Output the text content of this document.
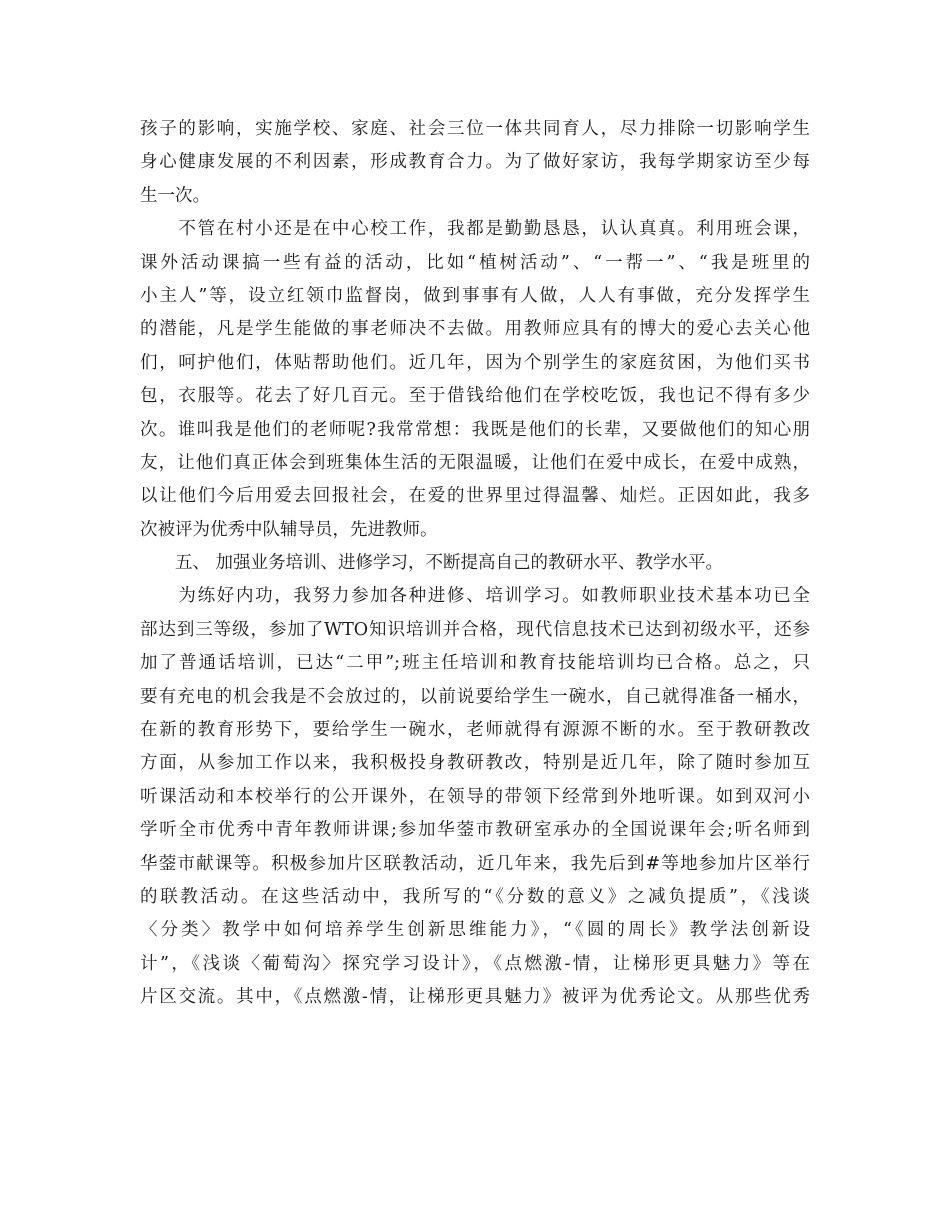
孩子的影响，实施学校、家庭、社会三位一体共同育人，尽力排除一切影响学生
身心健康发展的不利因素，形成教育合力。为了做好家访，我每学期家访至少每
生一次。
　　不管在村小还是在中心校工作，我都是勤勤恳恳，认认真真。利用班会课，
课外活动课搞一些有益的活动，比如“植树活动”、“一帮一”、“我是班里的
小主人”等，设立红领巾监督岗，做到事事有人做，人人有事做，充分发挥学生
的潜能，凡是学生能做的事老师决不去做。用教师应具有的博大的爱心去关心他
们，呵护他们，体贴帮助他们。近几年，因为个别学生的家庭贫困，为他们买书
包，衣服等。花去了好几百元。至于借钱给他们在学校吃饭，我也记不得有多少
次。谁叫我是他们的老师呢?我常常想：我既是他们的长辈，又要做他们的知心朋
友，让他们真正体会到班集体生活的无限温暖，让他们在爱中成长，在爱中成熟，
以让他们今后用爱去回报社会，在爱的世界里过得温馨、灿烂。正因如此，我多
次被评为优秀中队辅导员，先进教师。
　　五、 加强业务培训、进修学习，不断提高自己的教研水平、教学水平。
　　为练好内功，我努力参加各种进修、培训学习。如教师职业技术基本功已全
部达到三等级，参加了WTO知识培训并合格，现代信息技术已达到初级水平，还参
加了普通话培训，已达“二甲”;班主任培训和教育技能培训均已合格。总之，只
要有充电的机会我是不会放过的，以前说要给学生一碗水，自己就得准备一桶水，
在新的教育形势下，要给学生一碗水，老师就得有源源不断的水。至于教研教改
方面，从参加工作以来，我积极投身教研教改，特别是近几年，除了随时参加互
听课活动和本校举行的公开课外，在领导的带领下经常到外地听课。如到双河小
学听全市优秀中青年教师讲课;参加华蓥市教研室承办的全国说课年会;听名师到
华蓥市献课等。积极参加片区联教活动，近几年来，我先后到#等地参加片区举行
的联教活动。在这些活动中，我所写的“《分数的意义》之减负提质”，《浅谈
〈分类〉教学中如何培养学生创新思维能力》，“《圆的周长》教学法创新设
计”，《浅谈〈葡萄沟〉探究学习设计》，《点燃激-情，让梯形更具魅力》等在
片区交流。其中，《点燃激-情，让梯形更具魅力》被评为优秀论文。从那些优秀
